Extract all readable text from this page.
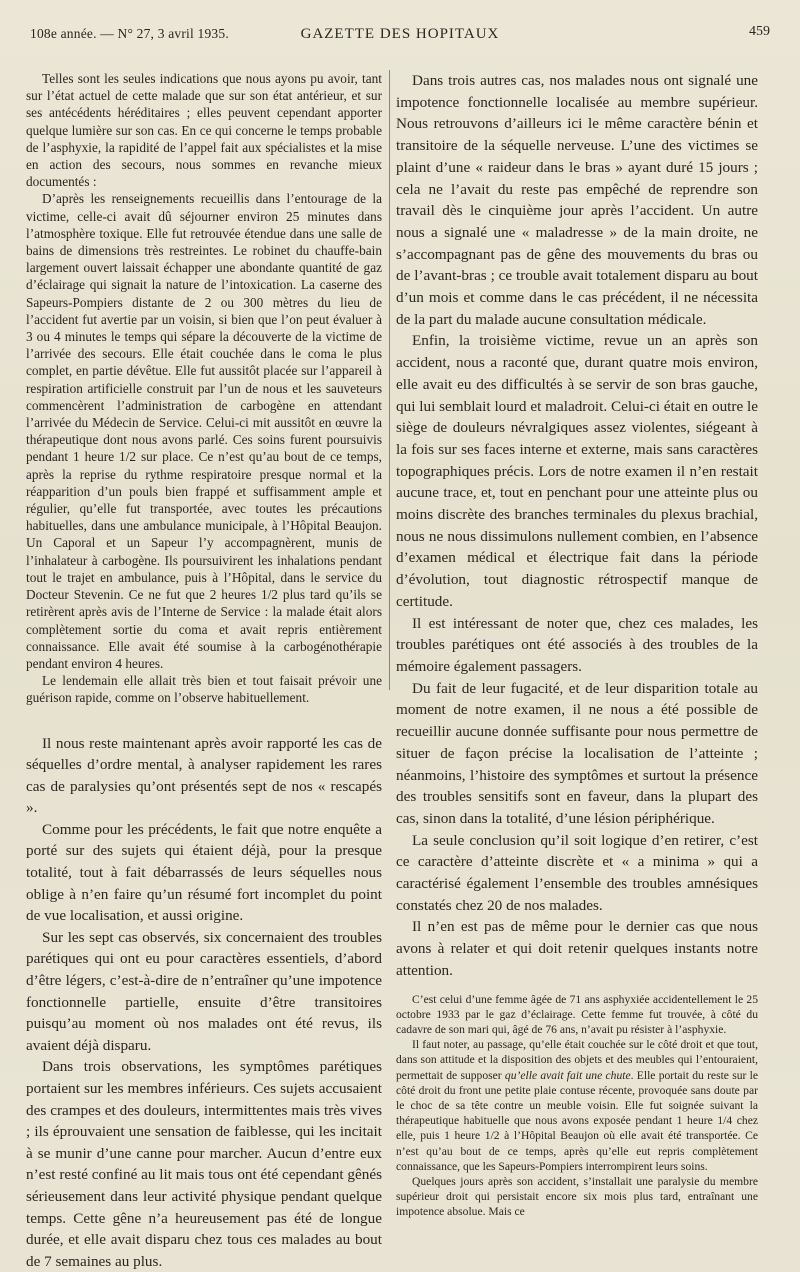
108e année. — N° 27, 3 avril 1935.	GAZETTE DES HOPITAUX	459

Telles sont les seules indications que nous ayons pu avoir, tant sur l’état actuel de cette malade que sur son état antérieur, et sur ses antécédents héréditaires ; elles peuvent cependant apporter quelque lumière sur son cas. En ce qui concerne le temps probable de l’asphyxie, la rapidité de l’appel fait aux spécialistes et la mise en action des secours, nous sommes en revanche mieux documentés :

D’après les renseignements recueillis dans l’entourage de la victime, celle-ci avait dû séjourner environ 25 minutes dans l’atmosphère toxique. Elle fut retrouvée étendue dans une salle de bains de dimensions très restreintes. Le robinet du chauffe-bain largement ouvert laissait échapper une abondante quantité de gaz d’éclairage qui signait la nature de l’intoxication. La caserne des Sapeurs-Pompiers distante de 2 ou 300 mètres du lieu de l’accident fut avertie par un voisin, si bien que l’on peut évaluer à 3 ou 4 minutes le temps qui sépare la découverte de la victime de l’arrivée des secours. Elle était couchée dans le coma le plus complet, en partie dévêtue. Elle fut aussitôt placée sur l’appareil à respiration artificielle construit par l’un de nous et les sauveteurs commencèrent l’administration de carbogène en attendant l’arrivée du Médecin de Service. Celui-ci mit aussitôt en œuvre la thérapeutique dont nous avons parlé. Ces soins furent poursuivis pendant 1 heure 1/2 sur place. Ce n’est qu’au bout de ce temps, après la reprise du rythme respiratoire presque normal et la réapparition d’un pouls bien frappé et suffisamment ample et régulier, qu’elle fut transportée, avec toutes les précautions habituelles, dans une ambulance municipale, à l’Hôpital Beaujon. Un Caporal et un Sapeur l’y accompagnèrent, munis de l’inhalateur à carbogène. Ils poursuivirent les inhalations pendant tout le trajet en ambulance, puis à l’Hôpital, dans le service du Docteur Stevenin. Ce ne fut que 2 heures 1/2 plus tard qu’ils se retirèrent après avis de l’Interne de Service : la malade était alors complètement sortie du coma et avait repris entièrement connaissance. Elle avait été soumise à la carbogénothérapie pendant environ 4 heures.

Le lendemain elle allait très bien et tout faisait prévoir une guérison rapide, comme on l’observe habituellement.

Il nous reste maintenant après avoir rapporté les cas de séquelles d’ordre mental, à analyser rapidement les rares cas de paralysies qu’ont présentés sept de nos « rescapés ».

Comme pour les précédents, le fait que notre enquête a porté sur des sujets qui étaient déjà, pour la presque totalité, tout à fait débarrassés de leurs séquelles nous oblige à n’en faire qu’un résumé fort incomplet du point de vue localisation, et aussi origine.

Sur les sept cas observés, six concernaient des troubles parétiques qui ont eu pour caractères essentiels, d’abord d’être légers, c’est-à-dire de n’entraîner qu’une impotence fonctionnelle partielle, ensuite d’être transitoires puisqu’au moment où nos malades ont été revus, ils avaient déjà disparu.

Dans trois observations, les symptômes parétiques portaient sur les membres inférieurs. Ces sujets accusaient des crampes et des douleurs, intermittentes mais très vives ; ils éprouvaient une sensation de faiblesse, qui les incitait à se munir d’une canne pour marcher. Aucun d’entre eux n’est resté confiné au lit mais tous ont été cependant gênés sérieusement dans leur activité physique pendant quelque temps. Cette gêne n’a heureusement pas été de longue durée, et elle avait disparu chez tous ces malades au bout de 7 semaines au plus.

Dans trois autres cas, nos malades nous ont signalé une impotence fonctionnelle localisée au membre supérieur. Nous retrouvons d’ailleurs ici le même caractère bénin et transitoire de la séquelle nerveuse. L’une des victimes se plaint d’une « raideur dans le bras » ayant duré 15 jours ; cela ne l’avait du reste pas empêché de reprendre son travail dès le cinquième jour après l’accident. Un autre nous a signalé une « maladresse » de la main droite, ne s’accompagnant pas de gêne des mouvements du bras ou de l’avant-bras ; ce trouble avait totalement disparu au bout d’un mois et comme dans le cas précédent, il ne nécessita de la part du malade aucune consultation médicale.

Enfin, la troisième victime, revue un an après son accident, nous a raconté que, durant quatre mois environ, elle avait eu des difficultés à se servir de son bras gauche, qui lui semblait lourd et maladroit. Celui-ci était en outre le siège de douleurs névralgiques assez violentes, siégeant à la fois sur ses faces interne et externe, mais sans caractères topographiques précis. Lors de notre examen il n’en restait aucune trace, et, tout en penchant pour une atteinte plus ou moins discrète des branches terminales du plexus brachial, nous ne nous dissimulons nullement combien, en l’absence d’examen médical et électrique fait dans la période d’évolution, tout diagnostic rétrospectif manque de certitude.

Il est intéressant de noter que, chez ces malades, les troubles parétiques ont été associés à des troubles de la mémoire également passagers.

Du fait de leur fugacité, et de leur disparition totale au moment de notre examen, il ne nous a été possible de recueillir aucune donnée suffisante pour nous permettre de situer de façon précise la localisation de l’atteinte ; néanmoins, l’histoire des symptômes et surtout la présence des troubles sensitifs sont en faveur, dans la plupart des cas, sinon dans la totalité, d’une lésion périphérique.

La seule conclusion qu’il soit logique d’en retirer, c’est ce caractère d’atteinte discrète et « a minima » qui a caractérisé également l’ensemble des troubles amnésiques constatés chez 20 de nos malades.

Il n’en est pas de même pour le dernier cas que nous avons à relater et qui doit retenir quelques instants notre attention.

C’est celui d’une femme âgée de 71 ans asphyxiée accidentellement le 25 octobre 1933 par le gaz d’éclairage. Cette femme fut trouvée, à côté du cadavre de son mari qui, âgé de 76 ans, n’avait pu résister à l’asphyxie.

Il faut noter, au passage, qu’elle était couchée sur le côté droit et que tout, dans son attitude et la disposition des objets et des meubles qui l’entouraient, permettait de supposer qu’elle avait fait une chute. Elle portait du reste sur le côté droit du front une petite plaie contuse récente, provoquée sans doute par le choc de sa tête contre un meuble voisin. Elle fut soignée suivant la thérapeutique habituelle que nous avons exposée pendant 1 heure 1/4 chez elle, puis 1 heure 1/2 à l’Hôpital Beaujon où elle avait été transportée. Ce n’est qu’au bout de ce temps, après qu’elle eut repris complètement connaissance, que les Sapeurs-Pompiers interrompirent leurs soins.

Quelques jours après son accident, s’installait une paralysie du membre supérieur droit qui persistait encore six mois plus tard, entraînant une impotence absolue. Mais ce
